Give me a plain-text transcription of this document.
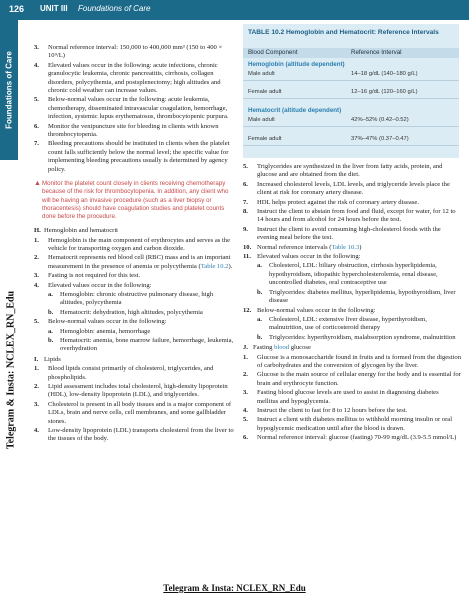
126 UNIT III Foundations of Care
Foundations of Care
Telegram & Insta: NCLEX_RN_Edu
3. Normal reference interval: 150,000 to 400,000 mm³ (150 to 400 × 10⁹/L)
4. Elevated values occur in the following: acute infections, chronic granulocytic leukemia, chronic pancreatitis, cirrhosis, collagen disorders, polycythemia, and postsplenectomy; high altitudes and chronic cold weather can increase values.
5. Below-normal values occur in the following: acute leukemia, chemotherapy, disseminated intravascular coagulation, hemorrhage, infection, systemic lupus erythematosus, thrombocytopenic purpura.
6. Monitor the venipuncture site for bleeding in clients with known thrombocytopenia.
7. Bleeding precautions should be instituted in clients when the platelet count falls sufficiently below the normal level; the specific value for implementing bleeding precautions usually is determined by agency policy.
▲ Monitor the platelet count closely in clients receiving chemotherapy because of the risk for thrombocytopenia. In addition, any client who will be having an invasive procedure (such as a liver biopsy or thoracentesis) should have coagulation studies and platelet counts done before the procedure.
H. Hemoglobin and hematocrit
1. Hemoglobin is the main component of erythrocytes and serves as the vehicle for transporting oxygen and carbon dioxide.
2. Hematocrit represents red blood cell (RBC) mass and is an important measurement in the presence of anemia or polycythemia (Table 10.2).
3. Fasting is not required for this test.
4. Elevated values occur in the following:
a. Hemoglobin: chronic obstructive pulmonary disease, high altitudes, polycythemia
b. Hematocrit: dehydration, high altitudes, polycythemia
5. Below-normal values occur in the following:
a. Hemoglobin: anemia, hemorrhage
b. Hematocrit: anemia, bone marrow failure, hemorrhage, leukemia, overhydration
I. Lipids
1. Blood lipids consist primarily of cholesterol, triglycerides, and phospholipids.
2. Lipid assessment includes total cholesterol, high-density lipoprotein (HDL), low-density lipoprotein (LDL), and triglycerides.
3. Cholesterol is present in all body tissues and is a major component of LDLs, brain and nerve cells, cell membranes, and some gallbladder stones.
4. Low-density lipoprotein (LDL) transports cholesterol from the liver to the tissues of the body.
TABLE 10.2 Hemoglobin and Hematocrit: Reference Intervals
Blood Component	Reference Interval
Hemoglobin (altitude dependent)
Male adult	14–18 g/dL (140–180 g/L)
Female adult	12–16 g/dL (120–160 g/L)
Hematocrit (altitude dependent)
Male adult	42%–52% (0.42–0.52)
Female adult	37%–47% (0.37–0.47)
5. Triglycerides are synthesized in the liver from fatty acids, protein, and glucose and are obtained from the diet.
6. Increased cholesterol levels, LDL levels, and triglyceride levels place the client at risk for coronary artery disease.
7. HDL helps protect against the risk of coronary artery disease.
8. Instruct the client to abstain from food and fluid, except for water, for 12 to 14 hours and from alcohol for 24 hours before the test.
9. Instruct the client to avoid consuming high-cholesterol foods with the evening meal before the test.
10. Normal reference intervals (Table 10.3)
11. Elevated values occur in the following:
a. Cholesterol, LDL: biliary obstruction, cirrhosis hyperlipidemia, hypothyroidism, idiopathic hypercholesterolemia, renal disease, uncontrolled diabetes, oral contraceptive use
b. Triglycerides: diabetes mellitus, hyperlipidemia, hypothyroidism, liver disease
12. Below-normal values occur in the following:
a. Cholesterol, LDL: extensive liver disease, hyperthyroidism, malnutrition, use of corticosteroid therapy
b. Triglycerides: hyperthyroidism, malabsorption syndrome, malnutrition
J. Fasting blood glucose
1. Glucose is a monosaccharide found in fruits and is formed from the digestion of carbohydrates and the conversion of glycogen by the liver.
2. Glucose is the main source of cellular energy for the body and is essential for brain and erythrocyte function.
3. Fasting blood glucose levels are used to assist in diagnosing diabetes mellitus and hypoglycemia.
4. Instruct the client to fast for 8 to 12 hours before the test.
5. Instruct a client with diabetes mellitus to withhold morning insulin or oral hypoglycemic medication until after the blood is drawn.
6. Normal reference interval: glucose (fasting) 70-99 mg/dL (3.9-5.5 mmol/L)
Telegram & Insta: NCLEX_RN_Edu
